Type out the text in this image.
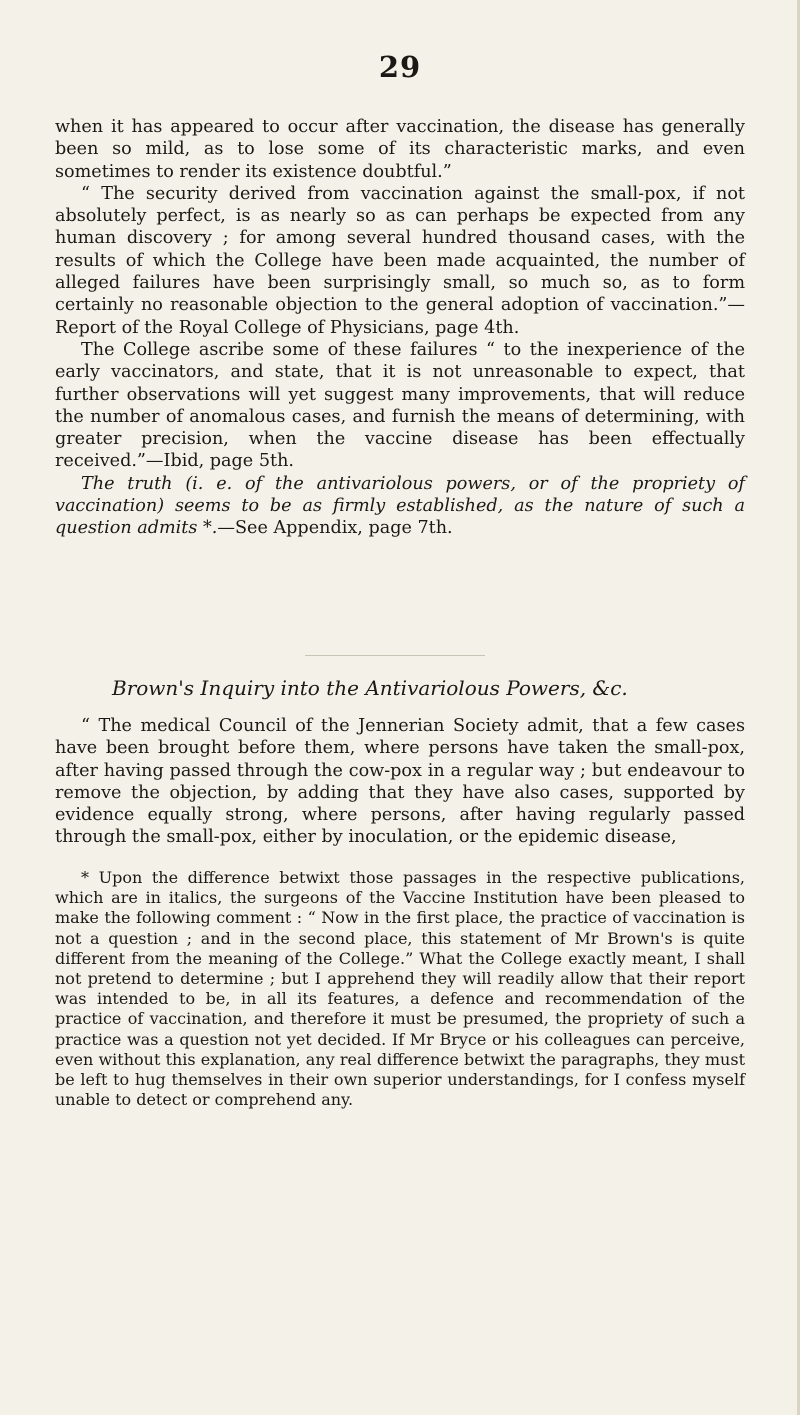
29

when it has appeared to occur after vaccination, the disease has generally been so mild, as to lose some of its characteristic marks, and even sometimes to render its existence doubtful.”

“ The security derived from vaccination against the small-pox, if not absolutely perfect, is as nearly so as can perhaps be expected from any human discovery ; for among several hundred thousand cases, with the results of which the College have been made acquainted, the number of alleged failures have been surprisingly small, so much so, as to form certainly no reasonable objection to the general adoption of vaccination.”—Report of the Royal College of Physicians, page 4th.

The College ascribe some of these failures “ to the inexperience of the early vaccinators, and state, that it is not unreasonable to expect, that further observations will yet suggest many improvements, that will reduce the number of anomalous cases, and furnish the means of determining, with greater precision, when the vaccine disease has been effectually received.”—Ibid, page 5th.

The truth (i. e. of the antivariolous powers, or of the propriety of vaccination) seems to be as firmly established, as the nature of such a question admits *.—See Appendix, page 7th.

Brown's Inquiry into the Antivariolous Powers, &c.

“ The medical Council of the Jennerian Society admit, that a few cases have been brought before them, where persons have taken the small-pox, after having passed through the cow-pox in a regular way ; but endeavour to remove the objection, by adding that they have also cases, supported by evidence equally strong, where persons, after having regularly passed through the small-pox, either by inoculation, or the epidemic disease,

* Upon the difference betwixt those passages in the respective publications, which are in italics, the surgeons of the Vaccine Institution have been pleased to make the following comment : “ Now in the first place, the practice of vaccination is not a question ; and in the second place, this statement of Mr Brown's is quite different from the meaning of the College.” What the College exactly meant, I shall not pretend to determine ; but I apprehend they will readily allow that their report was intended to be, in all its features, a defence and recommendation of the practice of vaccination, and therefore it must be presumed, the propriety of such a practice was a question not yet decided. If Mr Bryce or his colleagues can perceive, even without this explanation, any real difference betwixt the paragraphs, they must be left to hug themselves in their own superior understandings, for I confess myself unable to detect or comprehend any.
